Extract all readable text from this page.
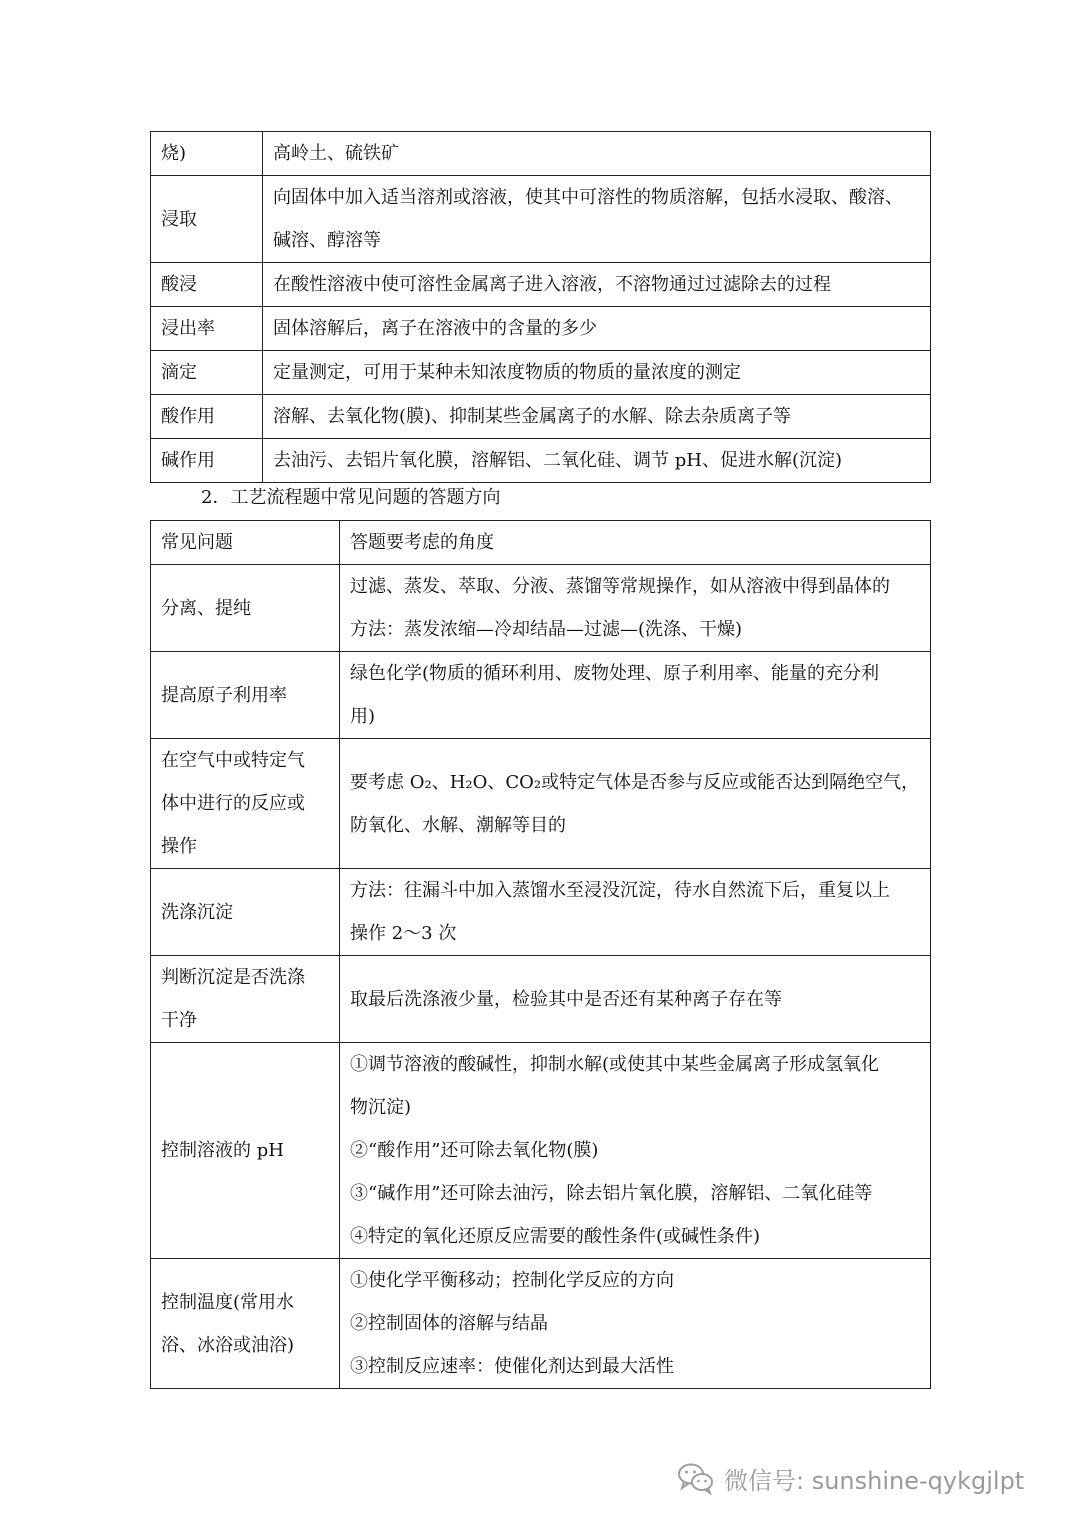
烧)	高岭土、硫铁矿

浸取	向固体中加入适当溶剂或溶液，使其中可溶性的物质溶解，包括水浸取、酸溶、
碱溶、醇溶等

酸浸	在酸性溶液中使可溶性金属离子进入溶液，不溶物通过过滤除去的过程

浸出率	固体溶解后，离子在溶液中的含量的多少

滴定	定量测定，可用于某种未知浓度物质的物质的量浓度的测定

酸作用	溶解、去氧化物(膜)、抑制某些金属离子的水解、除去杂质离子等

碱作用	去油污、去铝片氧化膜，溶解铝、二氧化硅、调节 pH、促进水解(沉淀)
2．工艺流程题中常见问题的答题方向
常见问题	答题要考虑的角度

分离、提纯	过滤、蒸发、萃取、分液、蒸馏等常规操作，如从溶液中得到晶体的
方法：蒸发浓缩—冷却结晶—过滤—(洗涤、干燥)

提高原子利用率	绿色化学(物质的循环利用、废物处理、原子利用率、能量的充分利
用)

在空气中或特定气
体中进行的反应或
操作	要考虑 O₂、H₂O、CO₂或特定气体是否参与反应或能否达到隔绝空气，
防氧化、水解、潮解等目的

洗涤沉淀	方法：往漏斗中加入蒸馏水至浸没沉淀，待水自然流下后，重复以上
操作 2～3 次

判断沉淀是否洗涤
干净	取最后洗涤液少量，检验其中是否还有某种离子存在等

控制溶液的 pH	①调节溶液的酸碱性，抑制水解(或使其中某些金属离子形成氢氧化
物沉淀)
②“酸作用”还可除去氧化物(膜)
③“碱作用”还可除去油污，除去铝片氧化膜，溶解铝、二氧化硅等
④特定的氧化还原反应需要的酸性条件(或碱性条件)

控制温度(常用水
浴、冰浴或油浴)	①使化学平衡移动；控制化学反应的方向
②控制固体的溶解与结晶
③控制反应速率：使催化剂达到最大活性
微信号: sunshine-qykgjlpt
